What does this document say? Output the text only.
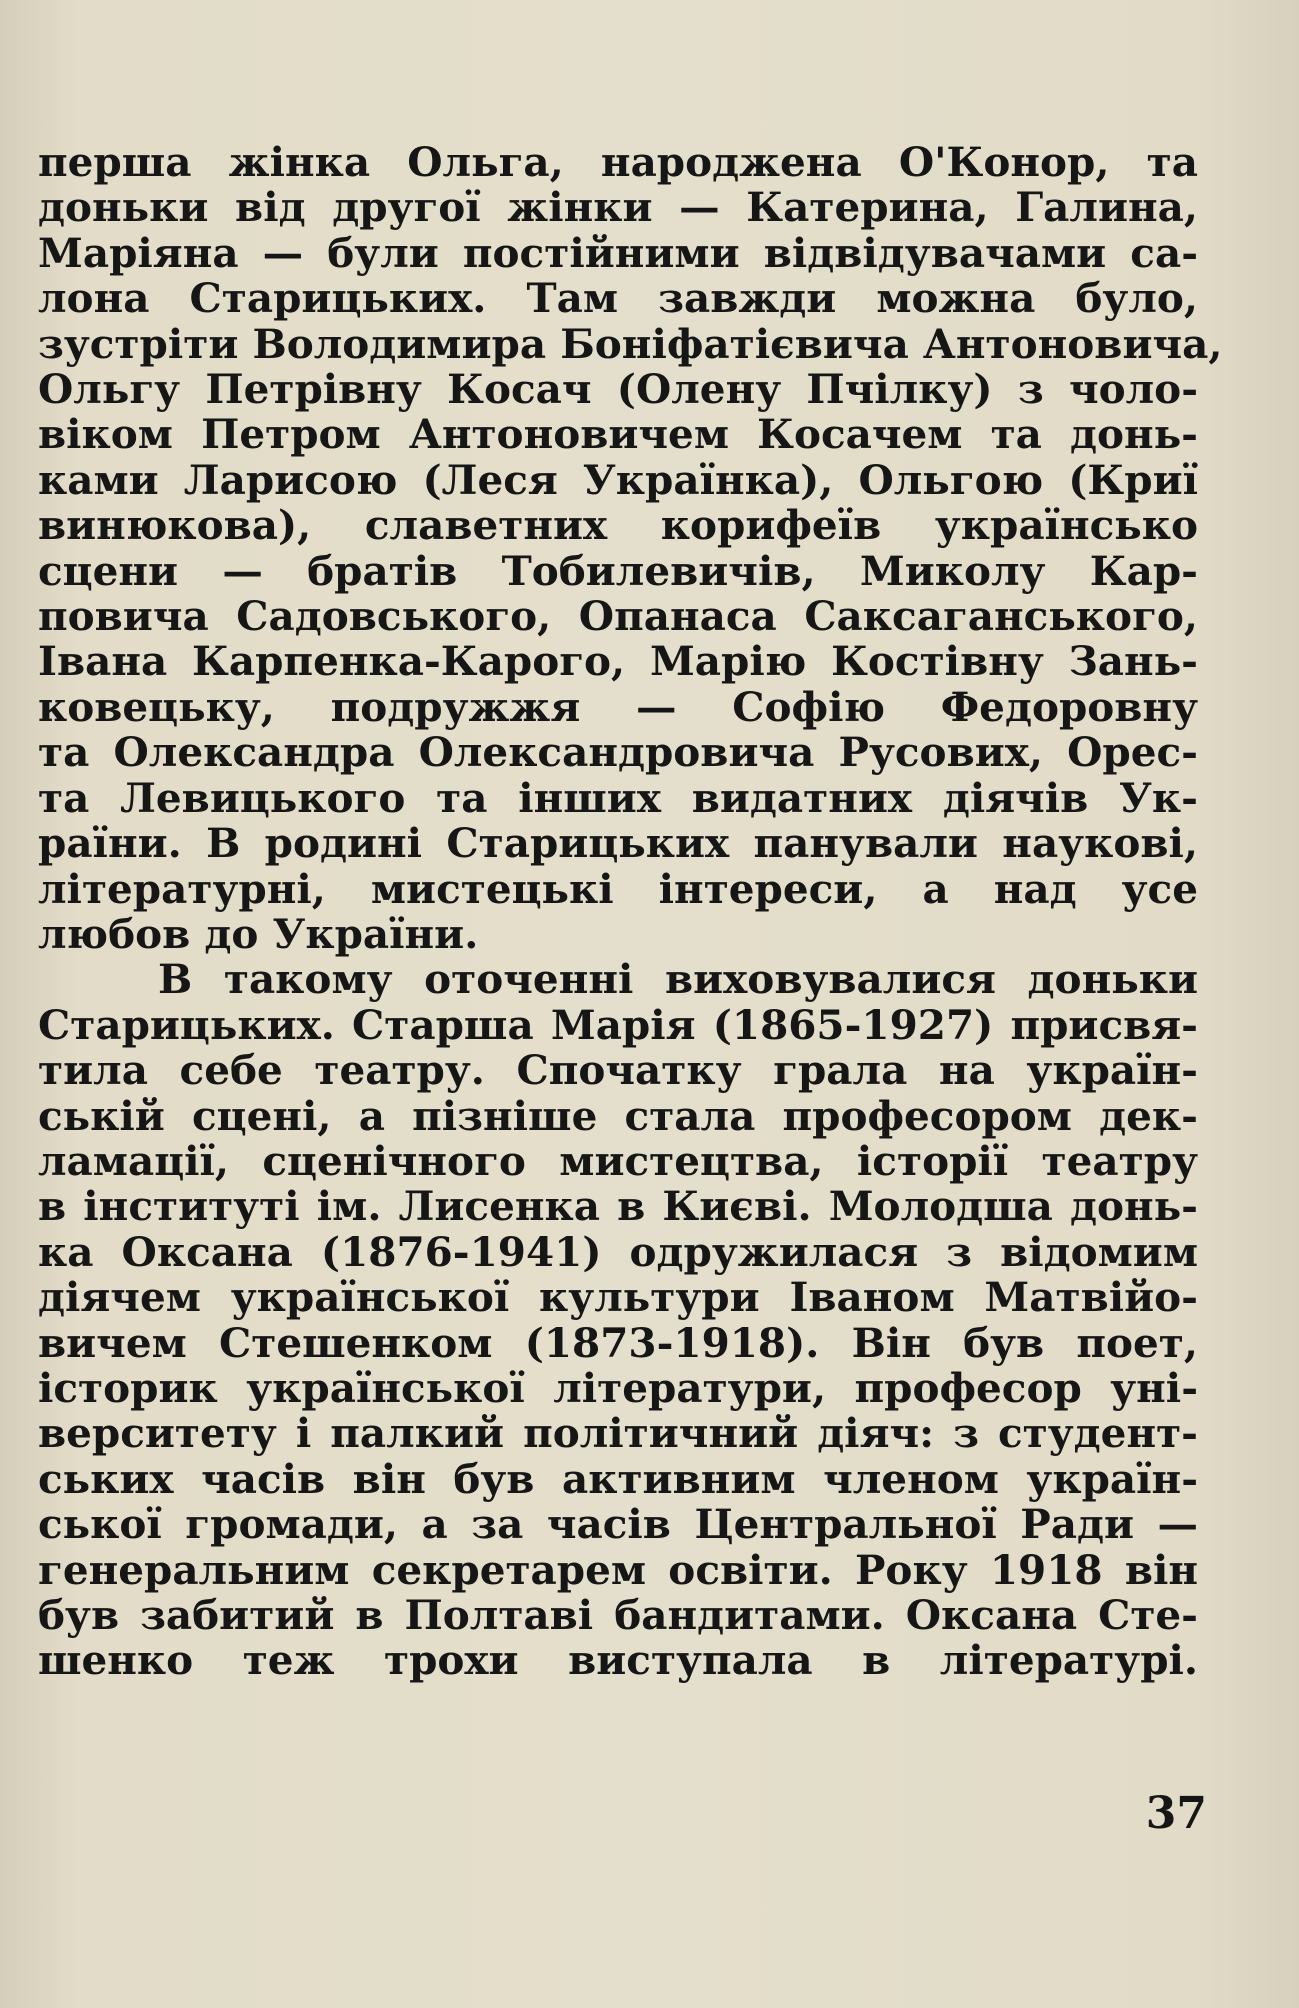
перша жінка Ольга, народжена О'Конор, та
доньки від другої жінки — Катерина, Галина,
Маріяна — були постійними відвідувачами са-
лона Старицьких. Там завжди можна було,
зустріти Володимира Боніфатієвича Антоновича,
Ольгу Петрівну Косач (Олену Пчілку) з чоло-
віком Петром Антоновичем Косачем та донь-
ками Ларисою (Леся Українка), Ольгою (Криї
винюкова), славетних корифеїв українсько
сцени — братів Тобилевичів, Миколу Кар-
повича Садовського, Опанаса Саксаганського,
Івана Карпенка-Карого, Марію Костівну Зань-
ковецьку, подружжя — Софію Федоровну
та Олександра Олександровича Русових, Орес-
та Левицького та інших видатних діячів Ук-
раїни. В родині Старицьких панували наукові,
літературні, мистецькі інтереси, а над усе
любов до України.
В такому оточенні виховувалися доньки
Старицьких. Старша Марія (1865-1927) присвя-
тила себе театру. Спочатку грала на україн-
ській сцені, а пізніше стала професором дек-
ламації, сценічного мистецтва, історії театру
в інституті ім. Лисенка в Києві. Молодша донь-
ка Оксана (1876-1941) одружилася з відомим
діячем української культури Іваном Матвійо-
вичем Стешенком (1873-1918). Він був поет,
історик української літератури, професор уні-
верситету і палкий політичний діяч: з студент-
ських часів він був активним членом україн-
ської громади, а за часів Центральної Ради —
генеральним секретарем освіти. Року 1918 він
був забитий в Полтаві бандитами. Оксана Сте-
шенко теж трохи виступала в літературі.
37
